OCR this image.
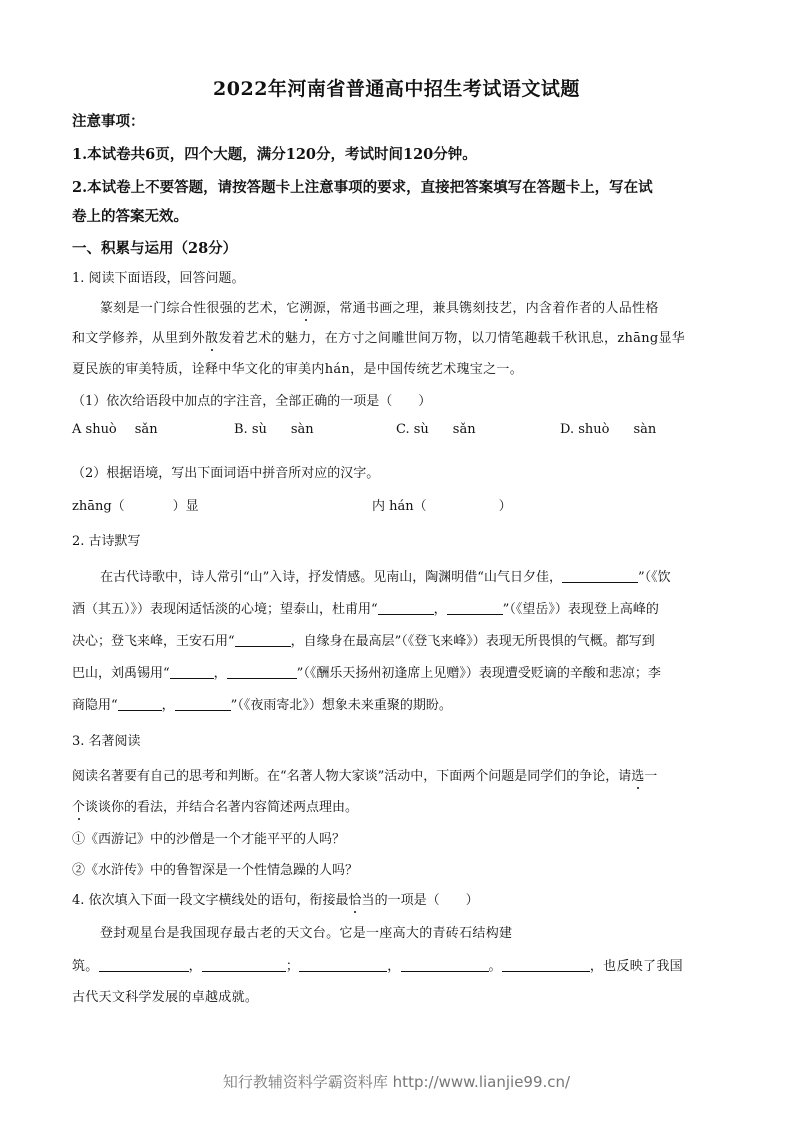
2022年河南省普通高中招生考试语文试题
注意事项：
1.本试卷共6页，四个大题，满分120分，考试时间120分钟。
2.本试卷上不要答题，请按答题卡上注意事项的要求，直接把答案填写在答题卡上，写在试
卷上的答案无效。
一、积累与运用（28分）
1. 阅读下面语段，回答问题。
篆刻是一门综合性很强的艺术，它溯源，常通书画之理，兼具镌刻技艺，内含着作者的人品性格
和文学修养，从里到外散发着艺术的魅力，在方寸之间雕世间万物，以刀情笔趣载千秋讯息，zhāng显华
夏民族的审美特质，诠释中华文化的审美内hán，是中国传统艺术瑰宝之一。
（1）依次给语段中加点的字注音，全部正确的一项是（　　）
A shuò sǎn	B. sù sàn	C. sù sǎn	D. shuò sàn
（2）根据语境，写出下面词语中拼音所对应的汉字。
zhāng（	）显	内 hán（	）
2. 古诗默写
在古代诗歌中，诗人常引“山”入诗，抒发情感。见南山，陶渊明借“山气日夕佳，	”（《饮
酒（其五）》）表现闲适恬淡的心境；望泰山，杜甫用“	，	”（《望岳》）表现登上高峰的
决心；登飞来峰，王安石用“	，自缘身在最高层”（《登飞来峰》）表现无所畏惧的气概。都写到
巴山，刘禹锡用“	，	”（《酬乐天扬州初逢席上见赠》）表现遭受贬谪的辛酸和悲凉；李
商隐用“	，	”（《夜雨寄北》）想象未来重聚的期盼。
3. 名著阅读
阅读名著要有自己的思考和判断。在“名著人物大家谈”活动中，下面两个问题是同学们的争论，请选一
个谈谈你的看法，并结合名著内容简述两点理由。
①《西游记》中的沙僧是一个才能平平的人吗？
②《水浒传》中的鲁智深是一个性情急躁的人吗？
4. 依次填入下面一段文字横线处的语句，衔接最恰当的一项是（　　）
登封观星台是我国现存最古老的天文台。它是一座高大的青砖石结构建
筑。	，	；	，	。	，也反映了我国
古代天文科学发展的卓越成就。
知行教辅资料学霸资料库 http://www.lianjie99.cn/
